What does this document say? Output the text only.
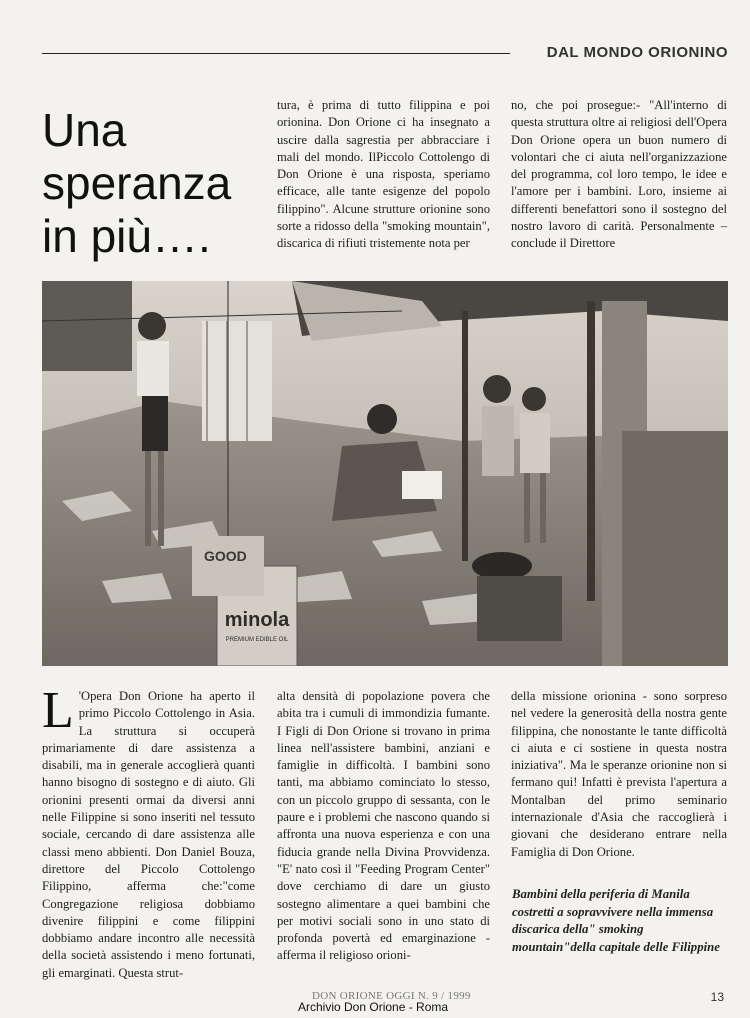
DAL MONDO ORIONINO

Una speranza in più….

tura, è prima di tutto filippina e poi orionina. Don Orione ci ha insegnato a uscire dalla sagrestia per abbracciare i mali del mondo. IlPiccolo Cottolengo di Don Orione è una risposta, speriamo efficace, alle tante esigenze del popolo filippino". Alcune strutture orionine sono sorte a ridosso della "smoking mountain", discarica di rifiuti tristemente nota per

no, che poi prosegue:- "All'interno di questa struttura oltre ai religiosi dell'Opera Don Orione opera un buon numero di volontari che ci aiuta nell'organizzazione del programma, col loro tempo, le idee e l'amore per i bambini. Loro, insieme ai differenti benefattori sono il sostegno del nostro lavoro di carità. Personalmente – conclude il Direttore

minola
PREMIUM EDIBLE OIL
GOOD
L 'Opera Don Orione ha aperto il primo Piccolo Cottolengo in Asia. La struttura si occuperà primariamente di dare assistenza a disabili, ma in generale accoglierà quanti hanno bisogno di sostegno e di aiuto. Gli orionini presenti ormai da diversi anni nelle Filippine si sono inseriti nel tessuto sociale, cercando di dare assistenza alle classi meno abbienti. Don Daniel Bouza, direttore del Piccolo Cottolengo Filippino, afferma che:"come Congregazione religiosa dobbiamo divenire filippini e come filippini dobbiamo andare incontro alle necessità della società assistendo i meno fortunati, gli emarginati. Questa strut-

alta densità di popolazione povera che abita tra i cumuli di immondizia fumante. I Figli di Don Orione si trovano in prima linea nell'assistere bambini, anziani e famiglie in difficoltà. I bambini sono tanti, ma abbiamo cominciato lo stesso, con un piccolo gruppo di sessanta, con le paure e i problemi che nascono quando si affronta una nuova esperienza e con una fiducia grande nella Divina Provvidenza. "E' nato così il "Feeding Program Center" dove cerchiamo di dare un giusto sostegno alimentare a quei bambini che per motivi sociali sono in uno stato di profonda povertà ed emarginazione - afferma il religioso orioni-

della missione orionina - sono sorpreso nel vedere la generosità della nostra gente filippina, che nonostante le tante difficoltà ci aiuta e ci sostiene in questa nostra iniziativa". Ma le speranze orionine non si fermano qui! Infatti è prevista l'apertura a Montalban del primo seminario internazionale d'Asia che raccoglierà i giovani che desiderano entrare nella Famiglia di Don Orione.

Bambini della periferia di Manila costretti a sopravvivere nella immensa discarica della" smoking mountain"della capitale delle Filippine

DON ORIONE OGGI N. 9 / 1999	13

Archivio Don Orione - Roma
